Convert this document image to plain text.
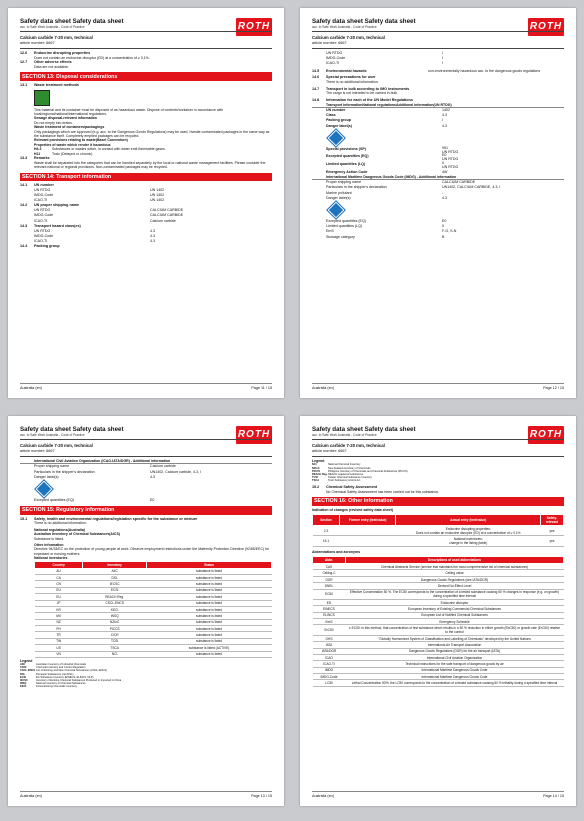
ROTH
Safety data sheet Safety data sheet
acc. to Safe Work Australia - Code of Practice
Calcium carbide 7-20 mm, technical
article number: 6667
12.6	Endocrine disrupting properties
Does not contain an endocrine disruptor (ED) at a concentration of ≥ 0,1%.
12.7	Other adverse effects
Data are not available.
SECTION 13: Disposal considerations
13.1	Waste treatment methods
This material and its container must be disposed of as hazardous waste. Dispose of contents/container in accordance with local/regional/national/international regulations.
Sewage disposal-relevant information
Do not empty into drains.
Waste treatment of containers/packagings
Only packagings which are approved (e.g. acc. to the Dangerous Goods Regulations) may be used. Handle contaminated packages in the same way as the substance itself. Completely emptied packages can be recycled.
Relevant provisions relating to waste(Basel Convention)
Properties of waste which render it hazardous
H4.3	Substances or wastes which, in contact with water emit flammable gases
H11	Toxic (Delayed or chronic)
13.3	Remarks
Waste shall be separated into the categories that can be handled separately by the local or national waste management facilities. Please consider the relevant national or regional provisions. Non-contaminated packages may be recycled.
SECTION 14: Transport information
14.1	UN number
UN RTDG	UN 1402
IMDG-Code	UN 1402
ICAO-TI	UN 1402
14.2	UN proper shipping name
UN RTDG	CALCIUM CARBIDE
IMDG-Code	CALCIUM CARBIDE
ICAO-TI	Calcium carbide
14.3	Transport hazard class(es)
UN RTDG	4.3
IMDG-Code	4.3
ICAO-TI	4.3
14.4	Packing group
Australia (en)	Page 11 / 15
ROTH
Safety data sheet Safety data sheet
acc. to Safe Work Australia - Code of Practice
Calcium carbide 7-20 mm, technical
article number: 6667
UN RTDG	I
IMDG-Code	I
ICAO-TI	I
14.5	Environmental hazards	non-environmentally hazardous acc. to the dangerous goods regulations
14.6	Special precautions for user
There is no additional information.
14.7	Transport in bulk according to IMO instruments
The cargo is not intended to be carried in bulk.
14.8	Information for each of the UN Model Regulations
Transport InformationNational regulationsAdditional information(UN RTDG)
UN number	1402
Class	4.3
Packing group	I
Danger label(s)	4.3
Special provisions (SP)	951
UN RTDG
Excepted quantities (EQ)	E0
UN RTDG
Limited quantities (LQ)	0
UN RTDG
Emergency Action Code	4W
International Maritime Dangerous Goods Code (IMDG) - Additional information
Proper shipping name	CALCIUM CARBIDE
Particulars in the shipper's declaration	UN1402, CALCIUM CARBIDE, 4.3, I
Marine pollutant	-
Danger label(s)	4.3
Excepted quantities (EQ)	E0
Limited quantities (LQ)	0
EmS	F-G, S-N
Stowage category	B
Australia (en)	Page 12 / 15
ROTH
Safety data sheet Safety data sheet
acc. to Safe Work Australia - Code of Practice
Calcium carbide 7-20 mm, technical
article number: 6667
International Civil Aviation Organization (ICAO-IATA/DGR) - Additional information
Proper shipping name	Calcium carbide
Particulars in the shipper's declaration	UN1402, Calcium carbide, 4.3, I
Danger label(s)	4.3
Excepted quantities (EQ)	E0
SECTION 15: Regulatory information
15.1	Safety, health and environmental regulations/legislation specific for the substance or mixture
There is no additional information.
National regulations(Australia)
Australian Inventory of Chemical Substances(AICS)
Substance is listed.
Other information
Directive 94/33/EC on the protection of young people at work. Observe employment restrictions under the Maternity Protection Directive (92/85/EEC) for expectant or nursing mothers.
National inventories
Country	Inventory	Status
AU	AIIC	substance is listed
CA	DSL	substance is listed
CN	IECSC	substance is listed
EU	ECSI	substance is listed
EU	REACH Reg.	substance is listed
JP	CSCL-ENCS	substance is listed
KR	KECI	substance is listed
MX	INSQ	substance is listed
NZ	NZIoC	substance is listed
PH	PICCS	substance is listed
TR	CICR	substance is listed
TW	TCSI	substance is listed
US	TSCA	substance is listed (ACTIVE)
VN	NCI	substance is listed
Legend
AIIC	Australian Inventory of Industrial Chemicals
CICR	Chemical Inventory and Control Regulation
CSCL-ENCS List of Existing and New Chemical Substances (CSCL-ENCS)
DSL	Domestic Substances List (DSL)
ECSI	EC Substance Inventory (EINECS, ELINCS, NLP)
IECSC	Inventory of Existing Chemical Substances Produced or Imported in China
INSQ	National Inventory of Chemical Substances
KECI	Korea Existing Chemicals Inventory
Australia (en)	Page 13 / 15
ROTH
Safety data sheet Safety data sheet
acc. to Safe Work Australia - Code of Practice
Calcium carbide 7-20 mm, technical
article number: 6667
Legend
NCI	National Chemical Inventory
NZIoC	New Zealand Inventory of Chemicals
PICCS	Philippine Inventory of Chemicals and Chemical Substances (PICCS)
REACH Reg. REACH registered substances
TCSI	Taiwan Chemical Substance Inventory
TSCA	Toxic Substance Control Act
15.2	Chemical Safety Assessment
No Chemical Safety Assessment has been carried out for this substance.
SECTION 16: Other information
Indication of changes (revised safety data sheet)
Section	Former entry (text/value)	Actual entry (text/value)	Safety-relevant
2.3		Endocrine disrupting properties:
Does not contain an endocrine disruptor (ED) at a concentration of ≥ 0.1%	yes
15.1		National inventories:
change in the listing (table)	yes
Abbreviations and acronyms
Abbr.	Descriptions of used abbreviations
CAS	Chemical Abstracts Service (service that maintains the most comprehensive list of chemical substances)
Ceiling-C	Ceiling value
DGR	Dangerous Goods Regulations (see IATA/DGR)
DNEL	Derived No-Effect Level
EC50	Effective Concentration 50 %. The EC50 corresponds to the concentration of a tested substance causing 50 % changes in response (e.g. on growth) during a specified time interval
ED	Endocrine disruptor
EINECS	European Inventory of Existing Commercial Chemical Substances
ELINCS	European List of Notified Chemical Substances
EmS	Emergency Schedule
ErC50	≡ EC50: in this method, that concentration of test substance which results in a 50 % reduction in either growth (EbC50) or growth rate (ErC50) relative to the control
GHS	"Globally Harmonized System of Classification and Labelling of Chemicals" developed by the United Nations
IATA	International Air Transport Association
IATA/DGR	Dangerous Goods Regulations (DGR) for the air transport (IATA)
ICAO	International Civil Aviation Organization
ICAO-TI	Technical instructions for the safe transport of dangerous goods by air
IMDG	International Maritime Dangerous Goods Code
IMDG-Code	International Maritime Dangerous Goods Code
LC50	Lethal Concentration 50%: the LC50 corresponds to the concentration of a tested substance causing 50 % lethality during a specified time interval
Australia (en)	Page 14 / 15
